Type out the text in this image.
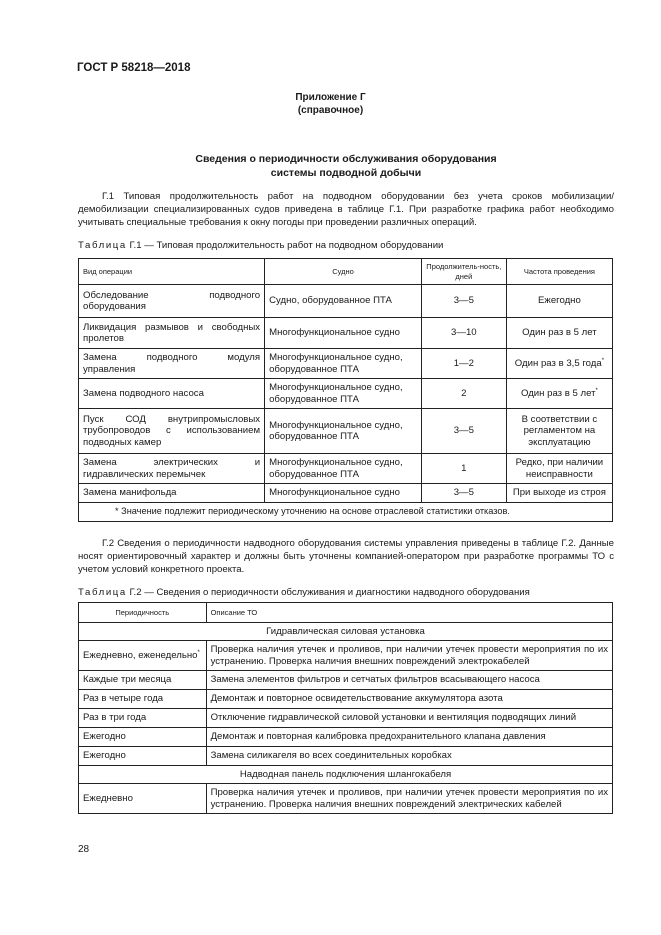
ГОСТ Р 58218—2018
Приложение Г
(справочное)
Сведения о периодичности обслуживания оборудования
системы подводной добычи
Г.1 Типовая продолжительность работ на подводном оборудовании без учета сроков мобилизации/демобилизации специализированных судов приведена в таблице Г.1. При разработке графика работ необходимо учитывать специальные требования к окну погоды при проведении различных операций.
Таблица Г.1 — Типовая продолжительность работ на подводном оборудовании
Вид операции	Судно	Продолжитель-ность, дней	Частота проведения
Обследование подводного оборудования	Судно, оборудованное ПТА	3—5	Ежегодно
Ликвидация размывов и свободных пролетов	Многофункциональное судно	3—10	Один раз в 5 лет
Замена подводного модуля управления	Многофункциональное судно, оборудованное ПТА	1—2	Один раз в 3,5 года*
Замена подводного насоса	Многофункциональное судно, оборудованное ПТА	2	Один раз в 5 лет*
Пуск СОД внутрипромысловых трубопроводов с использованием подводных камер	Многофункциональное судно, оборудованное ПТА	3—5	В соответствии с регламентом на эксплуатацию
Замена электрических и гидравлических перемычек	Многофункциональное судно, оборудованное ПТА	1	Редко, при наличии неисправности
Замена манифольда	Многофункциональное судно	3—5	При выходе из строя
* Значение подлежит периодическому уточнению на основе отраслевой статистики отказов.			
Г.2 Сведения о периодичности надводного оборудования системы управления приведены в таблице Г.2. Данные носят ориентировочный характер и должны быть уточнены компанией-оператором при разработке программы ТО с учетом условий конкретного проекта.
Таблица Г.2 — Сведения о периодичности обслуживания и диагностики надводного оборудования
Периодичность	Описание ТО
Гидравлическая силовая установка	
Ежедневно, еженедельно*	Проверка наличия утечек и проливов, при наличии утечек провести мероприятия по их устранению. Проверка наличия внешних повреждений электрокабелей
Каждые три месяца	Замена элементов фильтров и сетчатых фильтров всасывающего насоса
Раз в четыре года	Демонтаж и повторное освидетельствование аккумулятора азота
Раз в три года	Отключение гидравлической силовой установки и вентиляция подводящих линий
Ежегодно	Демонтаж и повторная калибровка предохранительного клапана давления
Ежегодно	Замена силикагеля во всех соединительных коробках
Надводная панель подключения шлангокабеля	
Ежедневно	Проверка наличия утечек и проливов, при наличии утечек провести мероприятия по их устранению. Проверка наличия внешних повреждений электрических кабелей
28
